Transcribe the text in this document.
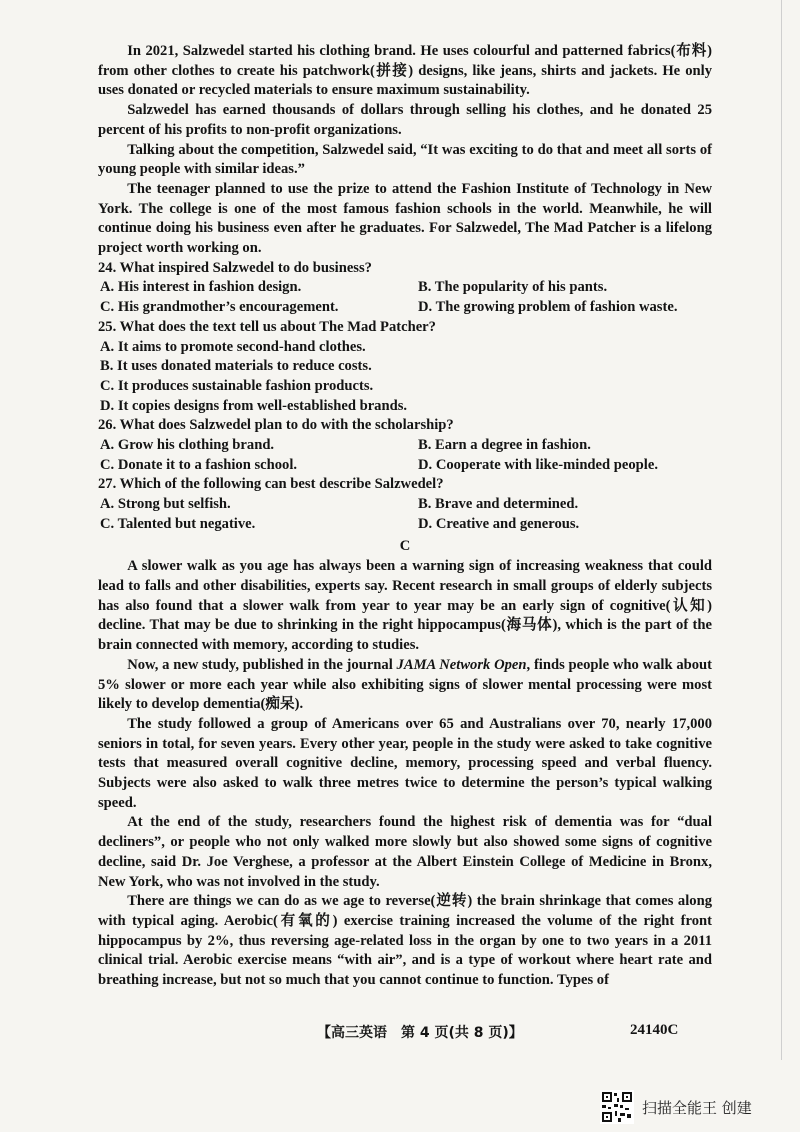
In 2021, Salzwedel started his clothing brand. He uses colourful and patterned fabrics(布料) from other clothes to create his patchwork(拼接) designs, like jeans, shirts and jackets. He only uses donated or recycled materials to ensure maximum sustainability.

Salzwedel has earned thousands of dollars through selling his clothes, and he donated 25 percent of his profits to non-profit organizations.

Talking about the competition, Salzwedel said, “It was exciting to do that and meet all sorts of young people with similar ideas.”

The teenager planned to use the prize to attend the Fashion Institute of Technology in New York. The college is one of the most famous fashion schools in the world. Meanwhile, he will continue doing his business even after he graduates. For Salzwedel, The Mad Patcher is a lifelong project worth working on.

24. What inspired Salzwedel to do business?
A. His interest in fashion design.	B. The popularity of his pants.
C. His grandmother’s encouragement.	D. The growing problem of fashion waste.
25. What does the text tell us about The Mad Patcher?
A. It aims to promote second-hand clothes.
B. It uses donated materials to reduce costs.
C. It produces sustainable fashion products.
D. It copies designs from well-established brands.
26. What does Salzwedel plan to do with the scholarship?
A. Grow his clothing brand.	B. Earn a degree in fashion.
C. Donate it to a fashion school.	D. Cooperate with like-minded people.
27. Which of the following can best describe Salzwedel?
A. Strong but selfish.	B. Brave and determined.
C. Talented but negative.	D. Creative and generous.
C

A slower walk as you age has always been a warning sign of increasing weakness that could lead to falls and other disabilities, experts say. Recent research in small groups of elderly subjects has also found that a slower walk from year to year may be an early sign of cognitive(认知) decline. That may be due to shrinking in the right hippocampus(海马体), which is the part of the brain connected with memory, according to studies.

Now, a new study, published in the journal JAMA Network Open, finds people who walk about 5% slower or more each year while also exhibiting signs of slower mental processing were most likely to develop dementia(痴呆).

The study followed a group of Americans over 65 and Australians over 70, nearly 17,000 seniors in total, for seven years. Every other year, people in the study were asked to take cognitive tests that measured overall cognitive decline, memory, processing speed and verbal fluency. Subjects were also asked to walk three metres twice to determine the person’s typical walking speed.

At the end of the study, researchers found the highest risk of dementia was for “dual decliners”, or people who not only walked more slowly but also showed some signs of cognitive decline, said Dr. Joe Verghese, a professor at the Albert Einstein College of Medicine in Bronx, New York, who was not involved in the study.

There are things we can do as we age to reverse(逆转) the brain shrinkage that comes along with typical aging. Aerobic(有氧的) exercise training increased the volume of the right front hippocampus by 2%, thus reversing age-related loss in the organ by one to two years in a 2011 clinical trial. Aerobic exercise means “with air”, and is a type of workout where heart rate and breathing increase, but not so much that you cannot continue to function. Types of

【高三英语　第 4 页(共 8 页)】	24140C
扫描全能王 创建
